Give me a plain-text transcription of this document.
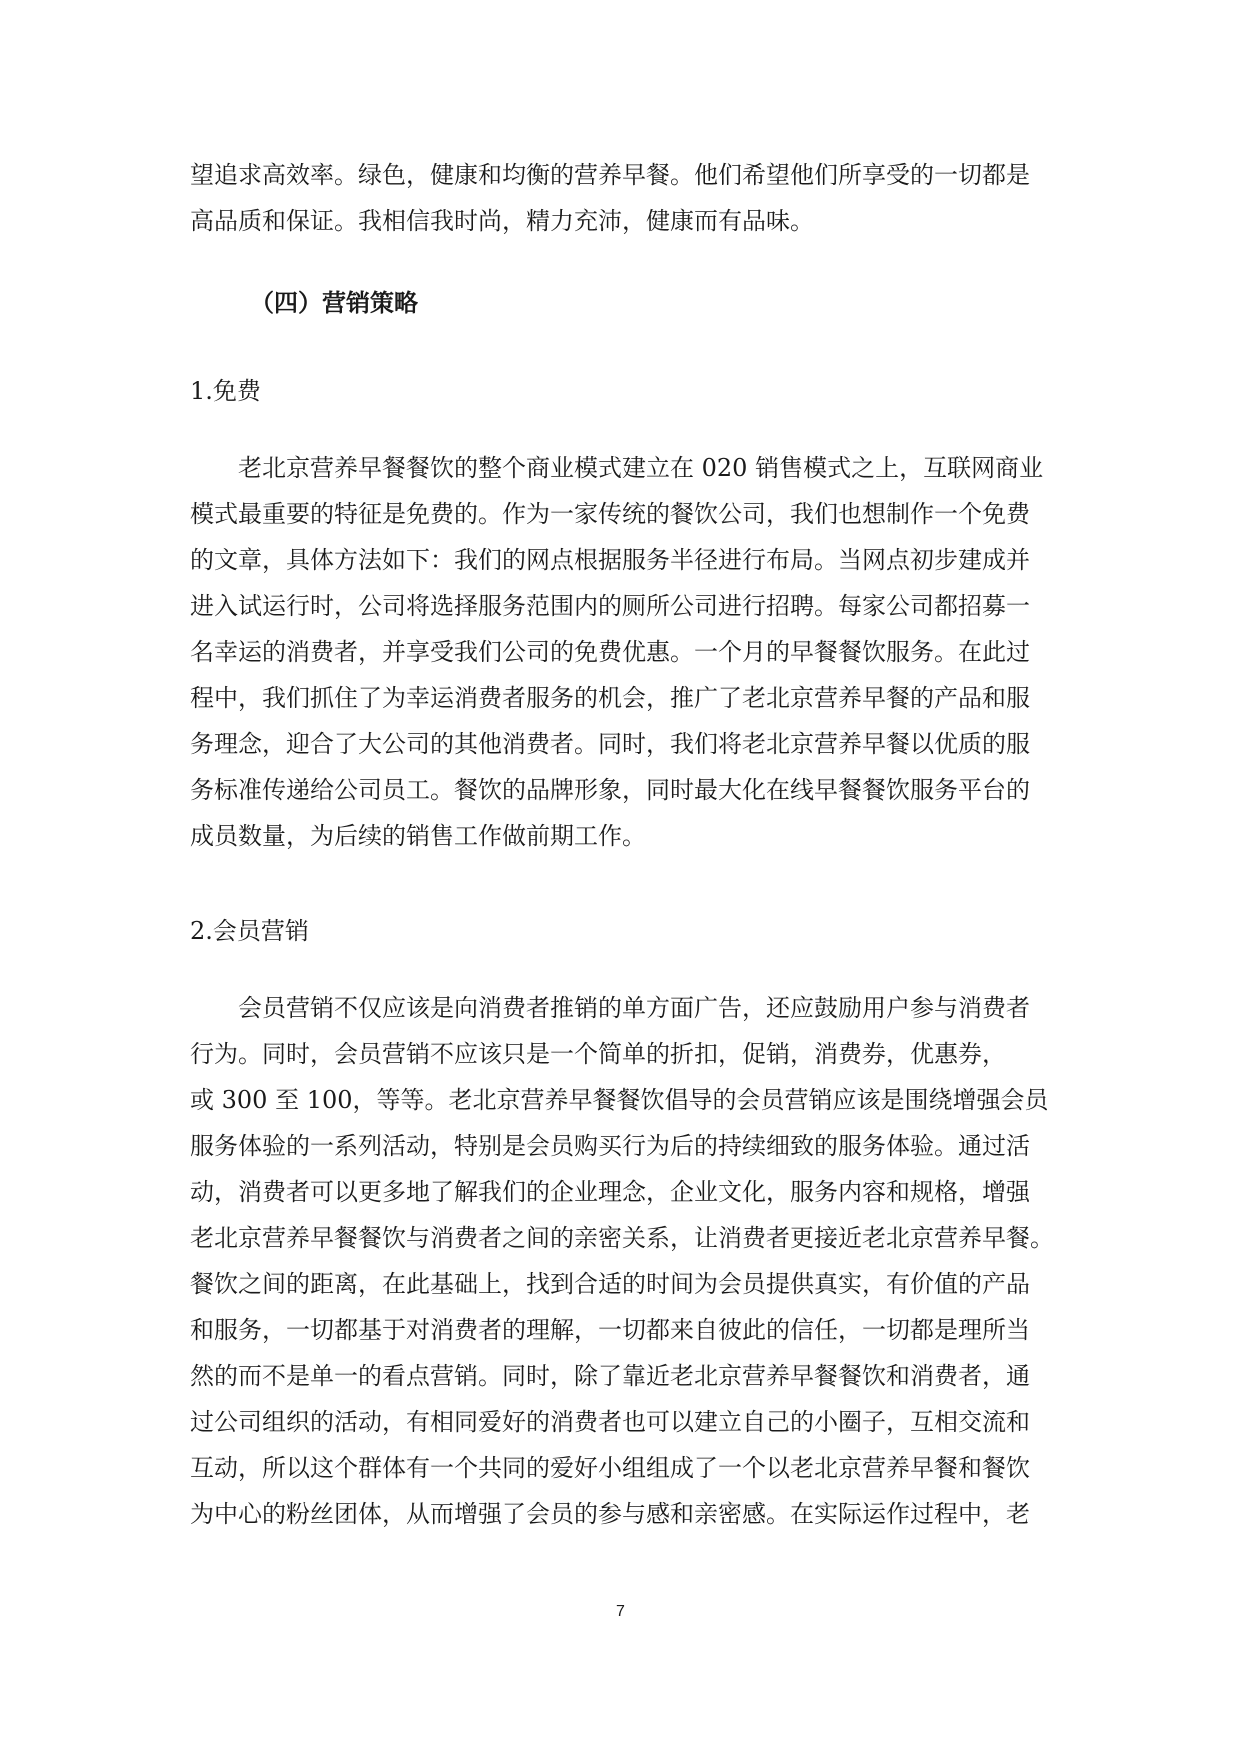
望追求高效率。绿色，健康和均衡的营养早餐。他们希望他们所享受的一切都是
高品质和保证。我相信我时尚，精力充沛，健康而有品味。
（四）营销策略

1.免费

　　老北京营养早餐餐饮的整个商业模式建立在 020 销售模式之上，互联网商业
模式最重要的特征是免费的。作为一家传统的餐饮公司，我们也想制作一个免费
的文章，具体方法如下：我们的网点根据服务半径进行布局。当网点初步建成并
进入试运行时，公司将选择服务范围内的厕所公司进行招聘。每家公司都招募一
名幸运的消费者，并享受我们公司的免费优惠。一个月的早餐餐饮服务。在此过
程中，我们抓住了为幸运消费者服务的机会，推广了老北京营养早餐的产品和服
务理念，迎合了大公司的其他消费者。同时，我们将老北京营养早餐以优质的服
务标准传递给公司员工。餐饮的品牌形象，同时最大化在线早餐餐饮服务平台的
成员数量，为后续的销售工作做前期工作。

2.会员营销

　　会员营销不仅应该是向消费者推销的单方面广告，还应鼓励用户参与消费者
行为。同时，会员营销不应该只是一个简单的折扣，促销，消费券，优惠券，
或 300 至 100，等等。老北京营养早餐餐饮倡导的会员营销应该是围绕增强会员
服务体验的一系列活动，特别是会员购买行为后的持续细致的服务体验。通过活
动，消费者可以更多地了解我们的企业理念，企业文化，服务内容和规格，增强
老北京营养早餐餐饮与消费者之间的亲密关系，让消费者更接近老北京营养早餐。
餐饮之间的距离，在此基础上，找到合适的时间为会员提供真实，有价值的产品
和服务，一切都基于对消费者的理解，一切都来自彼此的信任，一切都是理所当
然的而不是单一的看点营销。同时，除了靠近老北京营养早餐餐饮和消费者，通
过公司组织的活动，有相同爱好的消费者也可以建立自己的小圈子，互相交流和
互动，所以这个群体有一个共同的爱好小组组成了一个以老北京营养早餐和餐饮
为中心的粉丝团体，从而增强了会员的参与感和亲密感。在实际运作过程中，老

7
